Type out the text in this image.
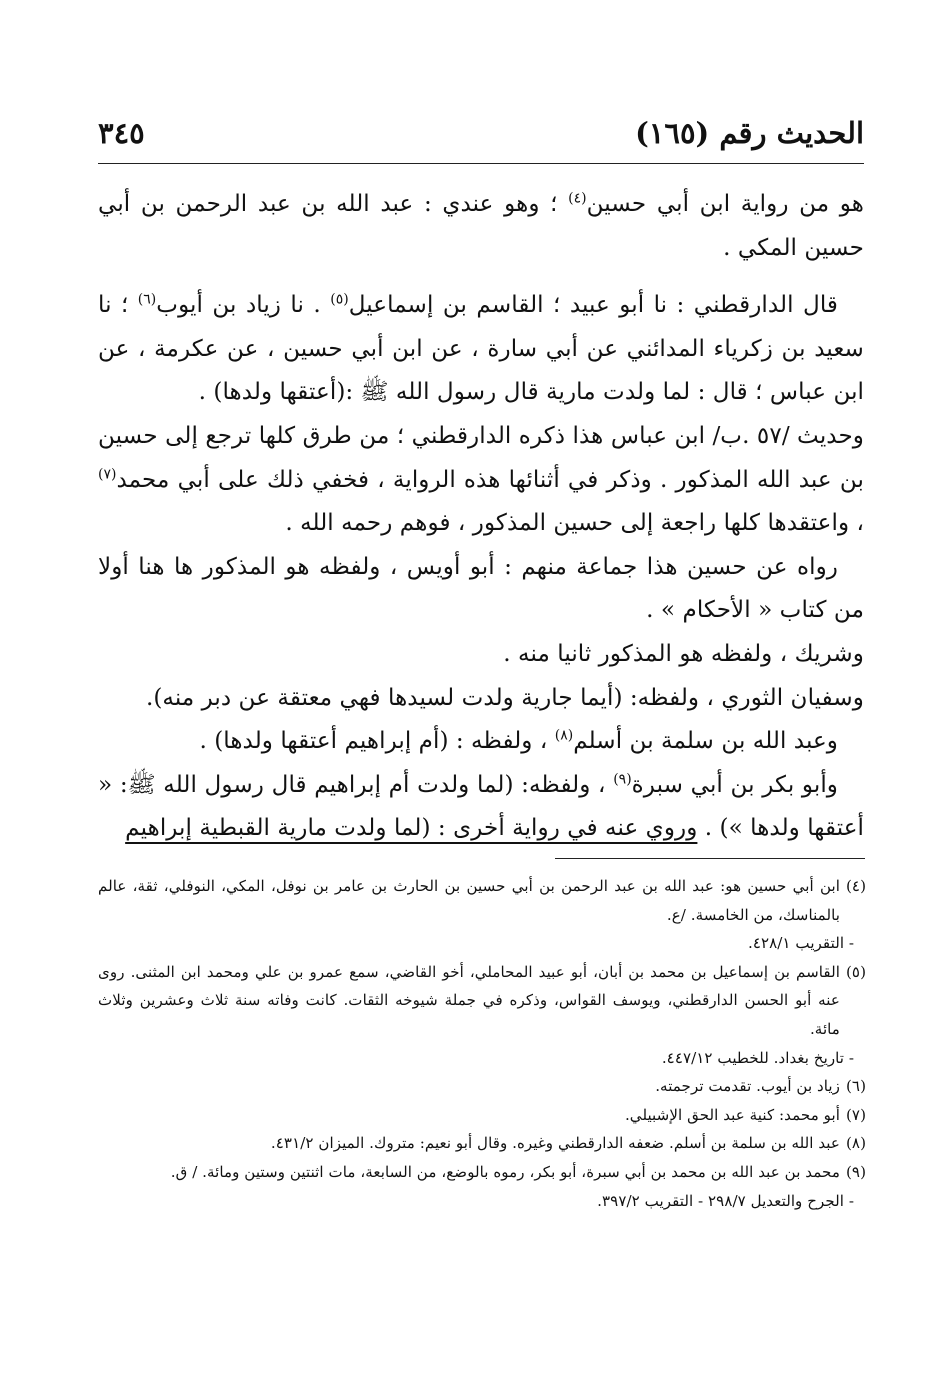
٣٤٥	الحديث رقم (١٦٥)

هو من رواية ابن أبي حسين$^{(٤)}$ ؛ وهو عندي : عبد الله بن عبد الرحمن بن أبي حسين المكي .

قال الدارقطني : نا أبو عبيد ؛ القاسم بن إسماعيل$^{(٥)}$ . نا زياد بن أيوب$^{(٦)}$ ؛ نا سعيد بن زكرياء المدائني عن أبي سارة ، عن ابن أبي حسين ، عن عكرمة ، عن ابن عباس ؛ قال : لما ولدت مارية قال رسول الله ﷺ :(أعتقها ولدها) .

وحديث /٥٧ .ب/ ابن عباس هذا ذكره الدارقطني ؛ من طرق كلها ترجع إلى حسين بن عبد الله المذكور . وذكر في أثنائها هذه الرواية ، فخفي ذلك على أبي محمد$^{(٧)}$ ، واعتقدها كلها راجعة إلى حسين المذكور ، فوهم رحمه الله .

رواه عن حسين هذا جماعة منهم : أبو أويس ، ولفظه هو المذكور ها هنا أولا من كتاب « الأحكام » .

وشريك ، ولفظه هو المذكور ثانيا منه .

وسفيان الثوري ، ولفظه: (أيما جارية ولدت لسيدها فهي معتقة عن دبر منه).

وعبد الله بن سلمة بن أسلم$^{(٨)}$ ، ولفظه : (أم إبراهيم أعتقها ولدها) .

وأبو بكر بن أبي سبرة$^{(٩)}$ ، ولفظه: (لما ولدت أم إبراهيم قال رسول الله ﷺ: « أعتقها ولدها ») . وروي عنه في رواية أخرى : (لما ولدت مارية القبطية إبراهيم

(٤)
ابن أبي حسين هو: عبد الله بن عبد الرحمن بن أبي حسين بن الحارث بن عامر بن نوفل، المكي، النوفلي، ثقة، عالم بالمناسك، من الخامسة. /ع.

- التقريب ٤٢٨/١.

(٥)
القاسم بن إسماعيل بن محمد بن أبان، أبو عبيد المحاملي، أخو القاضي، سمع عمرو بن علي ومحمد ابن المثنى. روى عنه أبو الحسن الدارقطني، ويوسف القواس، وذكره في جملة شيوخه الثقات. كانت وفاته سنة ثلاث وعشرين وثلاث مائة.

- تاريخ بغداد. للخطيب ٤٤٧/١٢.

(٦)
زياد بن أيوب. تقدمت ترجمته.
(٧)
أبو محمد: كنية عبد الحق الإشبيلي.
(٨)
عبد الله بن سلمة بن أسلم. ضعفه الدارقطني وغيره. وقال أبو نعيم: متروك. الميزان ٤٣١/٢.
(٩)
محمد بن عبد الله بن محمد بن أبي سبرة، أبو بكر، رموه بالوضع، من السابعة، مات اثنتين وستين ومائة. / ق.

- الجرح والتعديل ٢٩٨/٧ - التقريب ٣٩٧/٢.
